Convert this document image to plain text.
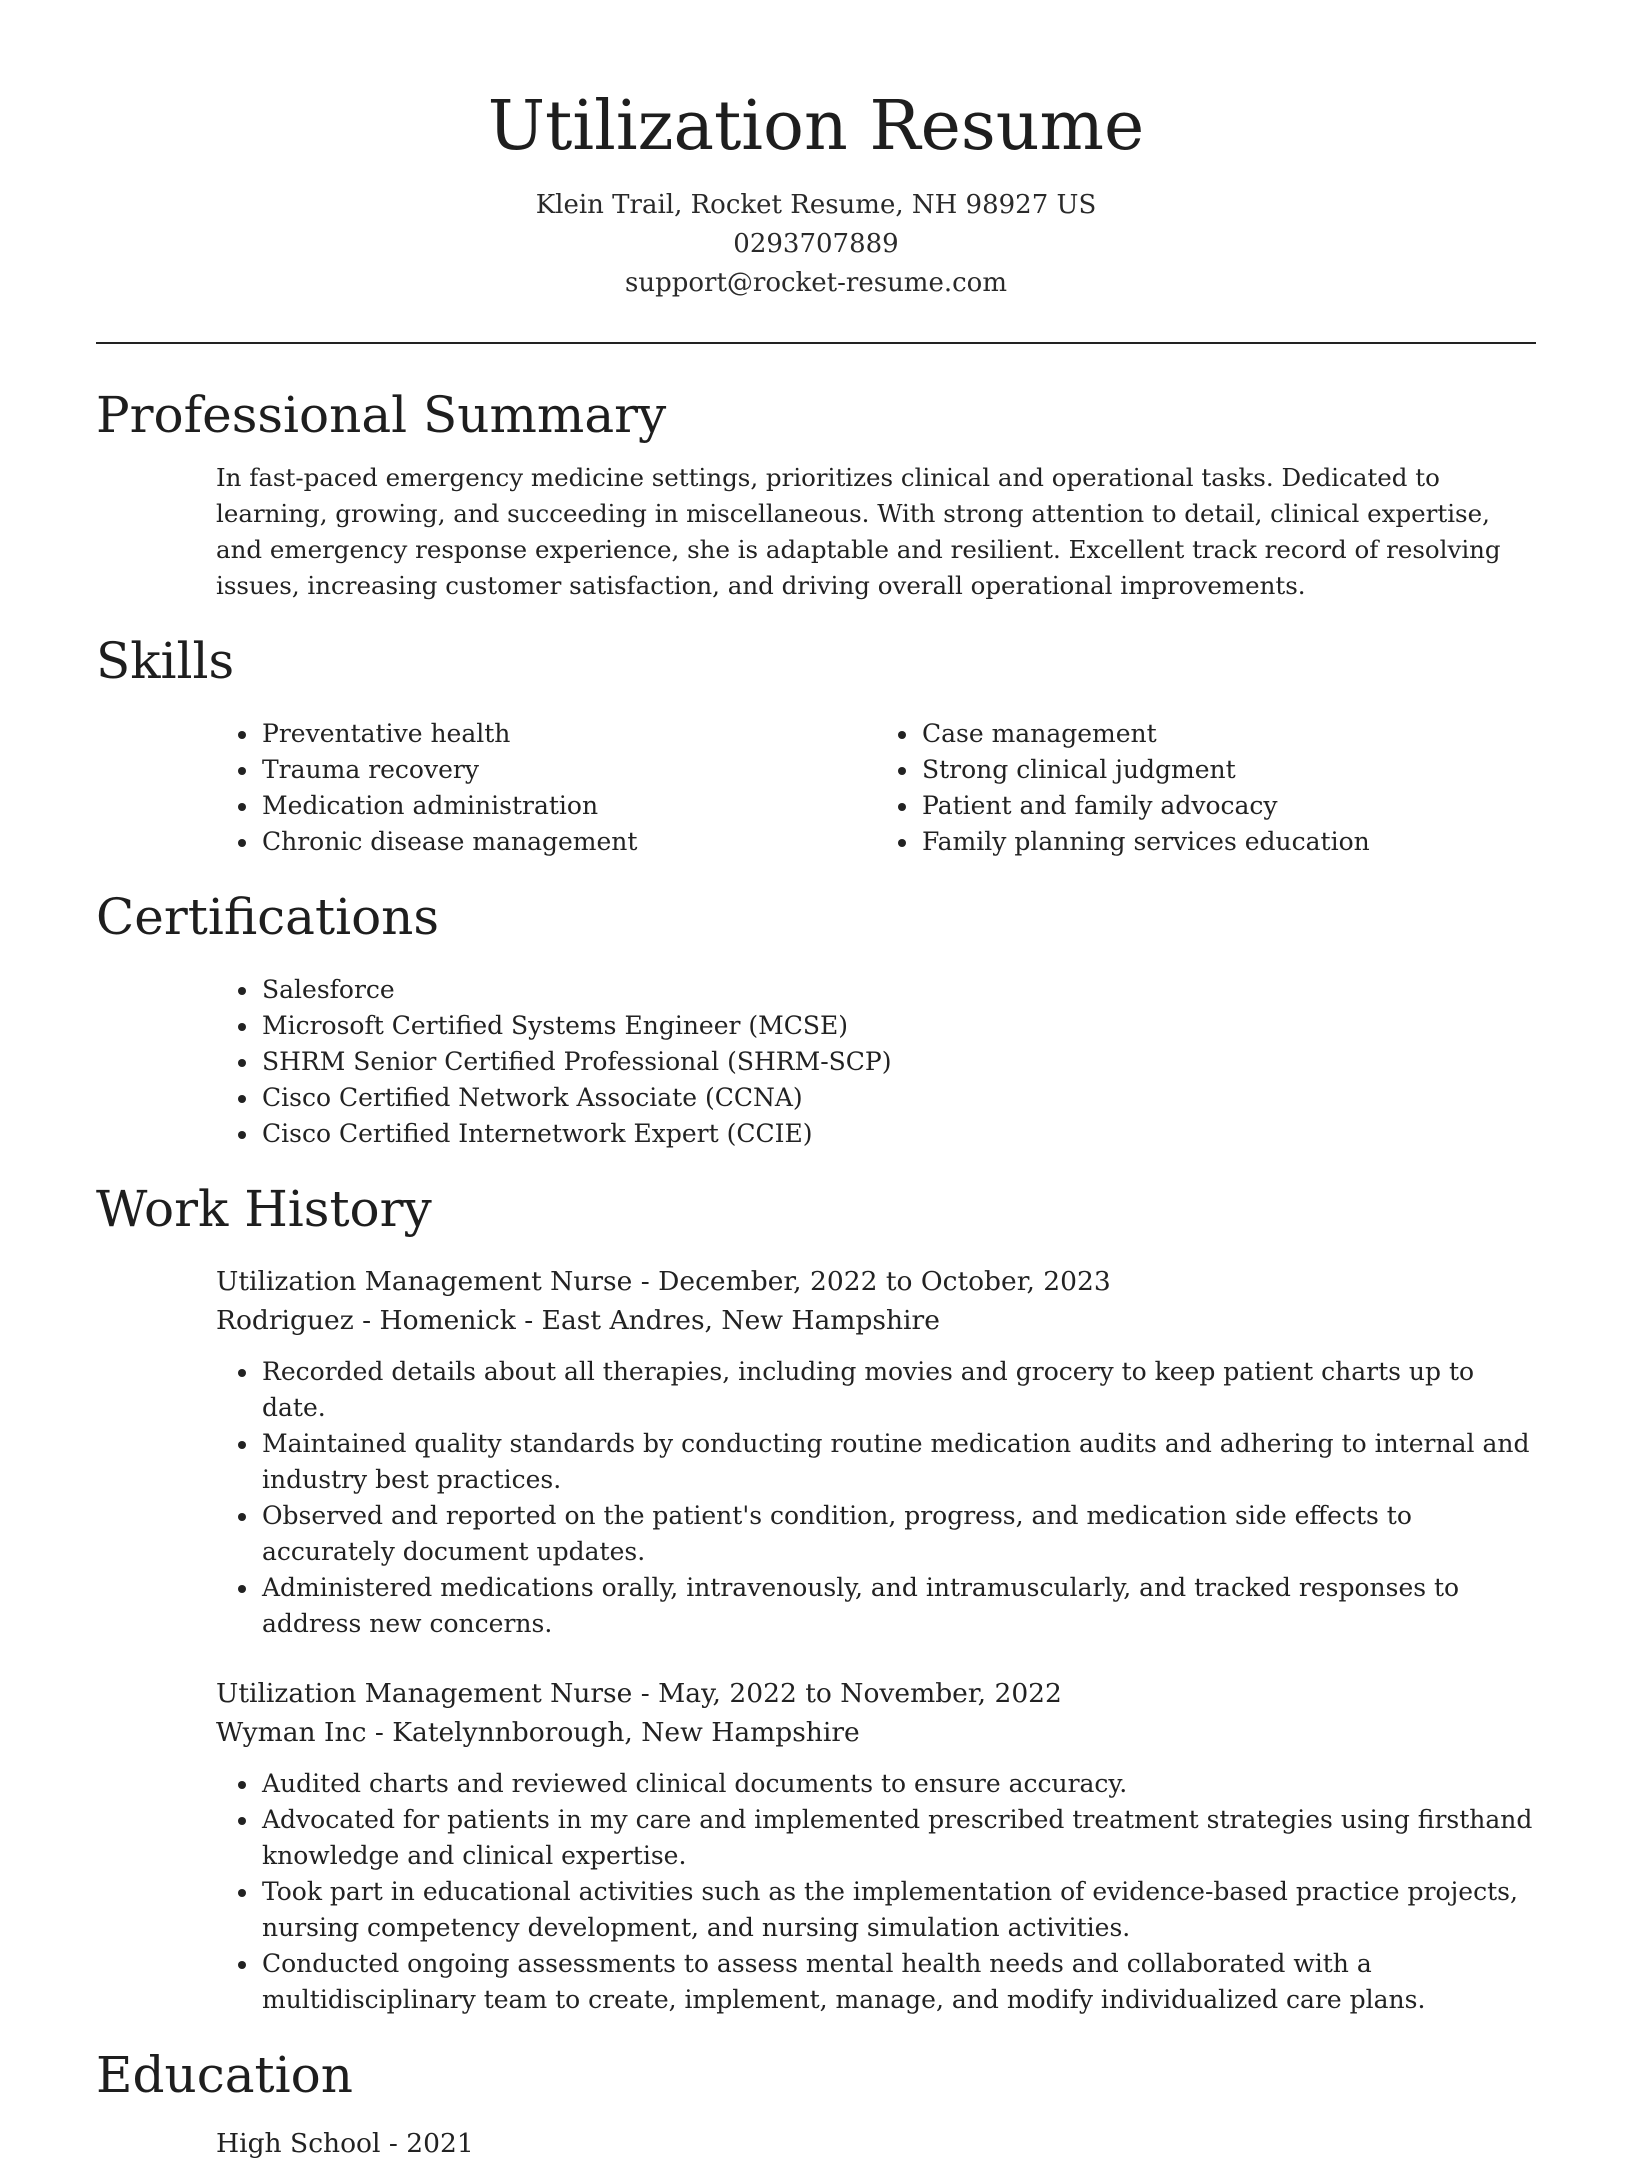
Utilization Resume
Klein Trail, Rocket Resume, NH 98927 US
0293707889
support@rocket-resume.com
Professional Summary

In fast-paced emergency medicine settings, prioritizes clinical and operational tasks. Dedicated to learning, growing, and succeeding in miscellaneous. With strong attention to detail, clinical expertise, and emergency response experience, she is adaptable and resilient. Excellent track record of resolving issues, increasing customer satisfaction, and driving overall operational improvements.

Skills
• Preventative health
• Trauma recovery
• Medication administration
• Chronic disease management
• Case management
• Strong clinical judgment
• Patient and family advocacy
• Family planning services education
Certifications
• Salesforce
• Microsoft Certified Systems Engineer (MCSE)
• SHRM Senior Certified Professional (SHRM-SCP)
• Cisco Certified Network Associate (CCNA)
• Cisco Certified Internetwork Expert (CCIE)
Work History
Utilization Management Nurse - December, 2022 to October, 2023
Rodriguez - Homenick - East Andres, New Hampshire
• Recorded details about all therapies, including movies and grocery to keep patient charts up to date.
• Maintained quality standards by conducting routine medication audits and adhering to internal and industry best practices.
• Observed and reported on the patient's condition, progress, and medication side effects to accurately document updates.
• Administered medications orally, intravenously, and intramuscularly, and tracked responses to address new concerns.
Utilization Management Nurse - May, 2022 to November, 2022
Wyman Inc - Katelynnborough, New Hampshire
• Audited charts and reviewed clinical documents to ensure accuracy.
• Advocated for patients in my care and implemented prescribed treatment strategies using firsthand knowledge and clinical expertise.
• Took part in educational activities such as the implementation of evidence-based practice projects, nursing competency development, and nursing simulation activities.
• Conducted ongoing assessments to assess mental health needs and collaborated with a multidisciplinary team to create, implement, manage, and modify individualized care plans.
Education
High School - 2021
